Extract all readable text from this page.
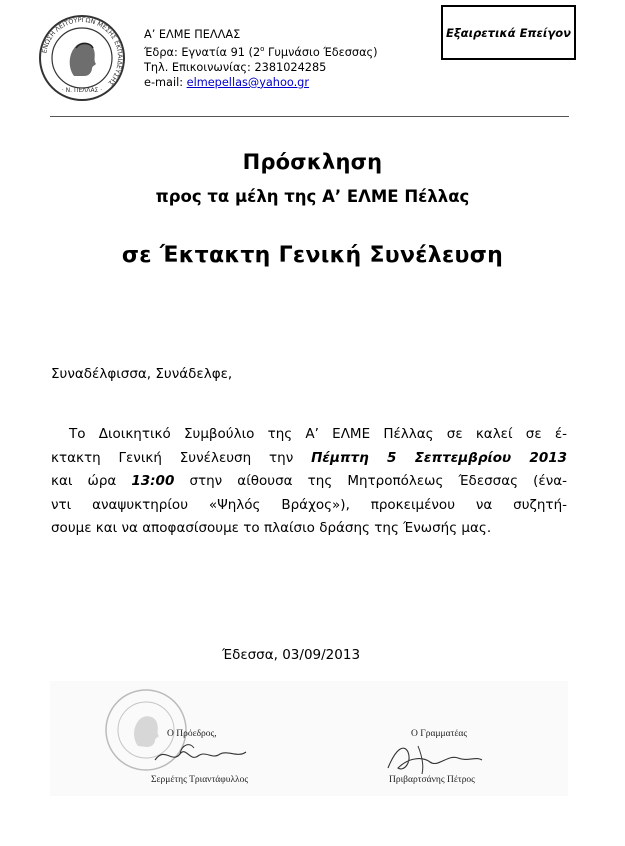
ΕΝΩΣΗ ΛΕΙΤΟΥΡΓΩΝ ΜΕΣΗΣ ΕΚΠΑΙΔΕΥΣΗΣ
· Ν. ΠΕΛΛΑΣ ·
Α’ ΕΛΜΕ ΠΕΛΛΑΣ
Έδρα: Εγνατία 91 ($2^o$ Γυμνάσιο Έδεσσας)
Τηλ. Επικοινωνίας: 2381024285
e-mail: elmepellas@yahoo.gr
Εξαιρετικά Επείγον
Πρόσκληση
προς τα μέλη της Α’ ΕΛΜΕ Πέλλας
σε Έκτακτη Γενική Συνέλευση
Συναδέλφισσα, Συνάδελφε,
Το Διοικητικό Συμβούλιο της Α’ ΕΛΜΕ Πέλλας σε καλεί σε έ-
κτακτη Γενική Συνέλευση την Πέμπτη 5 Σεπτεμβρίου 2013
και ώρα 13:00 στην αίθουσα της Μητροπόλεως Έδεσσας (ένα-
ντι αναψυκτηρίου «Ψηλός Βράχος»), προκειμένου να συζητή-
σουμε και να αποφασίσουμε το πλαίσιο δράσης της Ένωσής μας.
Έδεσσα, 03/09/2013
Ο Πρόεδρος,
Σερμέτης Τριαντάφυλλος
Ο Γραμματέας
Πριβαρτσάνης Πέτρος
